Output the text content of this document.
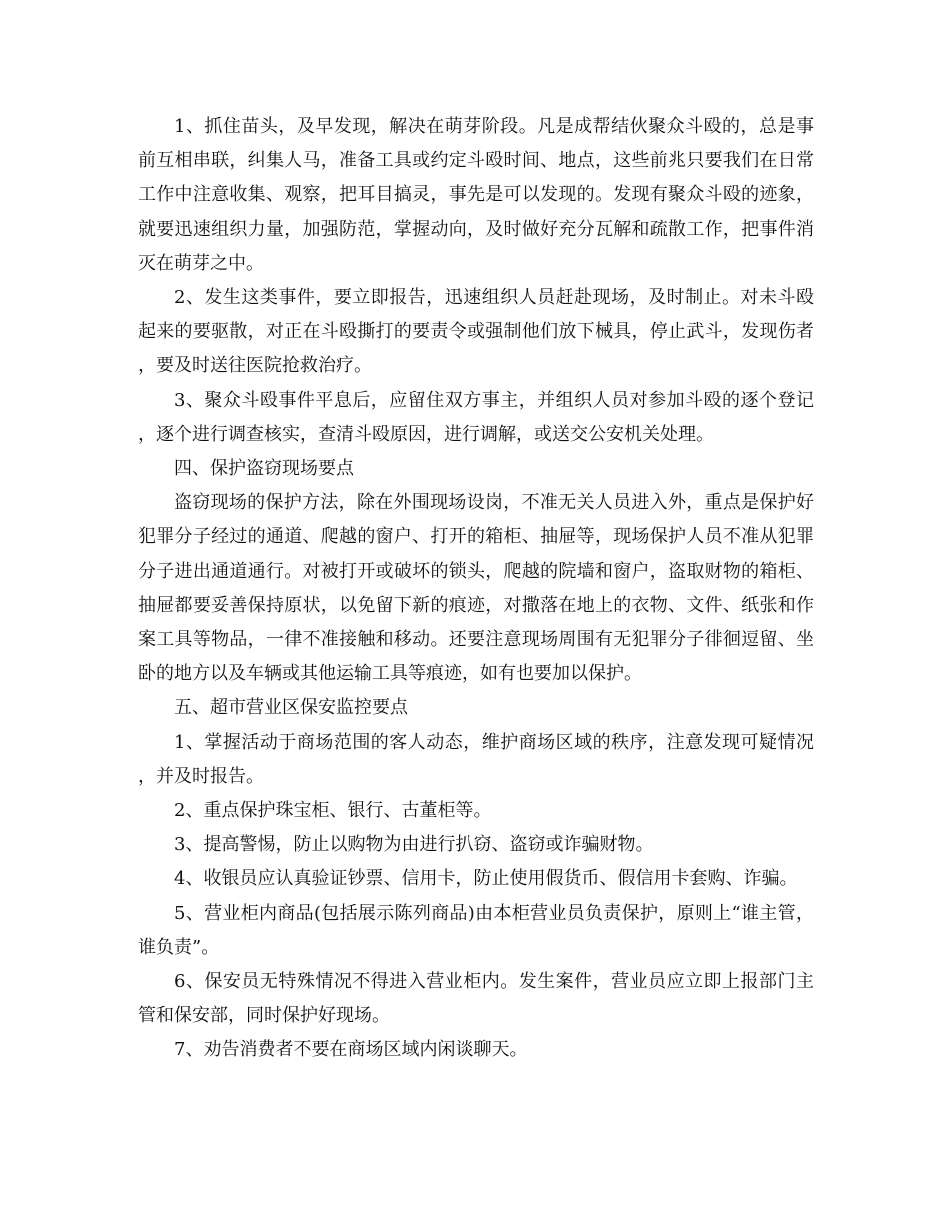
1、抓住苗头，及早发现，解决在萌芽阶段。凡是成帮结伙聚众斗殴的，总是事前互相串联，纠集人马，准备工具或约定斗殴时间、地点，这些前兆只要我们在日常工作中注意收集、观察，把耳目搞灵，事先是可以发现的。发现有聚众斗殴的迹象，就要迅速组织力量，加强防范，掌握动向，及时做好充分瓦解和疏散工作，把事件消灭在萌芽之中。

2、发生这类事件，要立即报告，迅速组织人员赶赴现场，及时制止。对未斗殴起来的要驱散，对正在斗殴撕打的要责令或强制他们放下械具，停止武斗，发现伤者，要及时送往医院抢救治疗。

3、聚众斗殴事件平息后，应留住双方事主，并组织人员对参加斗殴的逐个登记，逐个进行调查核实，查清斗殴原因，进行调解，或送交公安机关处理。

四、保护盗窃现场要点

盗窃现场的保护方法，除在外围现场设岗，不准无关人员进入外，重点是保护好犯罪分子经过的通道、爬越的窗户、打开的箱柜、抽屉等，现场保护人员不准从犯罪分子进出通道通行。对被打开或破坏的锁头，爬越的院墙和窗户，盗取财物的箱柜、抽屉都要妥善保持原状，以免留下新的痕迹，对撒落在地上的衣物、文件、纸张和作案工具等物品，一律不准接触和移动。还要注意现场周围有无犯罪分子徘徊逗留、坐卧的地方以及车辆或其他运输工具等痕迹，如有也要加以保护。

五、超市营业区保安监控要点

1、掌握活动于商场范围的客人动态，维护商场区域的秩序，注意发现可疑情况，并及时报告。

2、重点保护珠宝柜、银行、古董柜等。

3、提高警惕，防止以购物为由进行扒窃、盗窃或诈骗财物。

4、收银员应认真验证钞票、信用卡，防止使用假货币、假信用卡套购、诈骗。

5、营业柜内商品(包括展示陈列商品)由本柜营业员负责保护，原则上“谁主管，谁负责”。

6、保安员无特殊情况不得进入营业柜内。发生案件，营业员应立即上报部门主管和保安部，同时保护好现场。

7、劝告消费者不要在商场区域内闲谈聊天。
